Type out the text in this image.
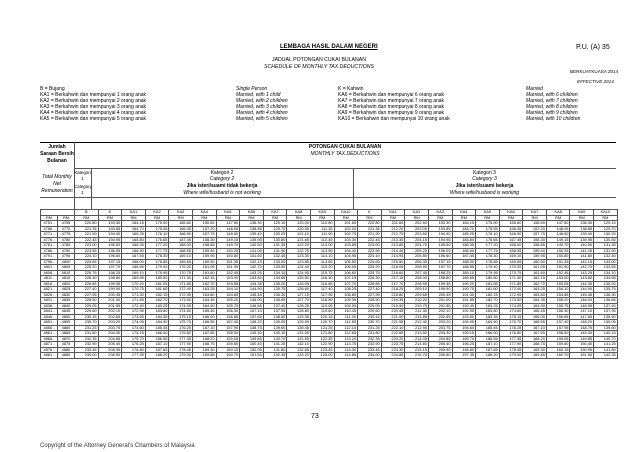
LEMBAGA HASIL DALAM NEGERI	P.U. (A) 35
JADUAL POTONGAN CUKAI BULANAN
SCHEDULE OF MONTHLY TAX DEDUCTIONS
BERKUATKUASA 2014
EFFECTIVE 2014
B = Bujang
KA1 = Berkahwin dan mempunyai 1 orang anak
KA2 = Berkahwin dan mempunyai 2 orang anak
KA3 = Berkahwin dan mempunyai 3 orang anak
KA4 = Berkahwin dan mempunyai 4 orang anak
KA5 = Berkahwin dan mempunyai 5 orang anak
Single Person
Married, with 1 child
Married, with 2 children
Married, with 3 children
Married, with 4 children
Married, with 5 children
K = Kahwin
KA6 = Berkahwin dan mempunyai 6 orang anak
KA7 = Berkahwin dan mempunyai 7 orang anak
KA8 = Berkahwin dan mempunyai 8 orang anak
KA9 = Berkahwin dan mempunyai 9 orang anak
KA10 = Berkahwin dan mempunyai 10 orang anak
Married
Married, with 6 children
Married, with 7 children
Married, with 8 children
Married, with 9 children
Married, with 10 children
Jumlah
Saraan Bersih
Bulanan
Total Monthly
Net
Remuneration
POTONGAN CUKAI BULANAN
MONTHLY TAX DEDUCTIONS
Kategori 1
Category 1
Kategori 2
Category 2
Jika isteri/suami tidak bekerja
Where wife/husband is not working
Kategori 3
Category 3
Jika isteri/suami bekerja
Where wife/husband is working
		B	K	KA1	KA2	KA3	KA4	KA5	KA6	KA7	KA8	KA9	KA10	K	KA1	KA2	KA3	KA4	KA5	KA6	KA7	KA8	KA9	KA10
RM	RM	RM	RM	RM	RM	RM	RM	RM	RM	RM	RM	RM	RM	RM	RM	RM	RM	RM	RM	RM	RM	RM	RM	RM
4751 -	4755	220.80	193.30	164.15	175.00	165.60	150.65	147.50	136.30	129.15	120.00	110.80	101.65	220.80	211.65	202.50	193.30	184.15	175.00	165.60	156.65	147.50	136.30	129.15
4756 -	4770	221.35	193.85	164.70	175.55	166.35	157.20	148.05	138.85	129.70	120.55	111.35	102.20	221.35	212.20	203.05	193.85	184.70	175.55	166.35	157.20	148.05	138.85	129.70
4771 -	4775	221.90	194.40	165.25	176.10	166.90	157.75	148.60	139.40	130.25	121.10	111.90	102.75	221.90	212.75	203.60	194.40	185.25	176.10	166.90	157.75	148.60	139.40	130.25
4776 -	4780	222.45	194.95	165.80	176.65	167.45	158.30	149.15	139.95	130.80	121.65	112.45	103.30	222.45	213.30	204.15	194.95	185.80	176.65	167.45	158.30	149.15	139.95	130.80
4781 -	4785	223.00	195.50	166.35	177.20	168.00	158.85	149.70	140.50	131.35	122.20	113.00	103.85	223.00	213.85	204.70	195.50	186.35	177.20	168.00	158.85	149.70	140.50	131.35
4786 -	4790	223.55	196.05	166.90	177.75	168.55	159.40	150.25	141.05	131.90	122.75	113.55	104.40	223.55	214.40	205.25	196.05	186.90	177.75	168.55	159.40	150.25	141.05	131.90
4791 -	4795	224.10	196.60	167.45	178.30	169.10	159.95	150.80	141.60	132.45	123.30	114.10	104.95	224.10	214.95	205.80	196.60	187.45	178.30	169.10	159.95	150.80	141.60	132.45
4796 -	4800	224.65	197.15	168.00	178.85	169.65	160.50	151.35	142.15	133.00	123.85	114.65	105.50	224.65	215.50	206.35	197.15	188.00	178.85	169.65	160.50	151.35	142.15	133.00
4801 -	4805	225.20	197.70	168.55	179.40	170.20	161.05	151.90	142.70	133.55	124.40	115.20	106.05	225.20	216.05	206.90	197.70	188.55	179.40	170.20	161.05	151.90	142.70	133.55
4806 -	4810	225.75	198.25	169.10	179.95	170.75	161.60	152.45	143.25	134.10	124.95	115.75	106.60	225.75	216.60	207.45	198.25	189.10	179.95	170.75	161.60	152.45	143.25	134.10
4811 -	4815	226.30	198.80	169.65	180.50	171.30	162.15	153.00	143.80	134.65	125.50	116.30	107.15	226.30	217.15	208.00	198.80	189.65	180.50	171.30	162.15	153.00	143.80	134.65
4816 -	4820	226.85	199.35	170.20	181.05	171.85	162.70	153.55	144.35	135.20	126.05	116.85	107.70	226.85	217.70	208.55	199.35	190.20	181.05	171.85	162.70	153.55	144.35	135.20
4821 -	4825	227.40	199.90	170.75	181.60	172.40	163.25	154.10	144.90	135.75	126.60	117.40	108.25	227.40	218.25	209.10	199.90	190.75	181.60	172.40	163.25	154.10	144.90	135.75
4826 -	4830	227.95	200.45	171.30	182.15	172.95	163.80	154.65	145.45	136.30	127.15	117.95	108.80	227.95	218.80	209.65	200.45	191.30	182.15	172.95	163.80	154.65	145.45	136.30
4831 -	4835	228.50	201.00	171.85	182.70	173.50	164.35	155.20	146.00	136.85	127.70	118.50	109.35	228.50	219.35	210.20	201.00	191.85	182.70	173.50	164.35	155.20	146.00	136.85
4836 -	4840	229.05	201.55	172.40	183.25	174.05	164.90	155.75	146.55	137.40	128.25	119.05	109.90	229.05	219.90	210.75	201.55	192.40	183.25	174.05	164.90	155.75	146.55	137.40
4841 -	4845	229.60	202.10	172.95	183.80	174.60	165.45	156.30	147.10	137.95	128.80	119.60	110.45	229.60	220.45	211.30	202.10	192.95	183.80	174.60	165.45	156.30	147.10	137.95
4846 -	4850	230.15	202.65	173.50	184.35	175.15	166.00	156.85	147.65	138.50	129.35	120.15	111.00	230.15	221.00	211.85	202.65	193.50	184.35	175.15	166.00	156.85	147.65	138.50
4851 -	4855	230.70	203.20	174.05	184.90	175.70	166.55	157.40	148.20	139.05	129.90	120.70	111.55	230.70	221.55	212.40	203.20	194.05	184.90	175.70	166.55	157.40	148.20	139.05
4856 -	4860	231.25	203.75	174.60	185.45	176.25	167.10	157.95	148.75	139.60	130.45	121.25	112.10	231.25	222.10	212.95	203.75	194.60	185.45	176.25	167.10	157.95	148.75	139.60
4861 -	4865	231.80	204.30	175.15	186.00	176.80	167.65	158.50	149.30	140.15	131.00	121.80	112.65	231.80	222.65	213.50	204.30	195.15	186.00	176.80	167.65	158.50	149.30	140.15
4866 -	4870	232.35	204.85	175.70	186.55	177.35	168.20	159.05	149.85	140.70	131.55	122.35	113.20	232.35	223.20	214.05	204.85	195.70	186.55	177.35	168.20	159.05	149.85	140.70
4871 -	4875	232.90	205.40	176.25	187.10	177.90	168.75	159.60	150.40	141.25	132.10	122.90	113.75	232.90	223.75	214.60	205.40	196.25	187.10	177.90	168.75	159.60	150.40	141.25
4876 -	4880	233.45	205.95	176.80	187.65	178.45	169.30	160.15	150.95	141.80	132.65	123.45	114.30	233.45	224.30	215.15	205.95	196.80	187.65	178.45	169.30	160.15	150.95	141.80
4881 -	4885	234.00	206.50	177.35	188.20	179.00	169.85	160.70	151.50	142.35	133.20	124.00	114.85	234.00	224.85	215.70	206.50	197.35	188.20	179.00	169.85	160.70	151.50	142.35
73
Copyright of the Attorney General's Chambers of Malaysia
